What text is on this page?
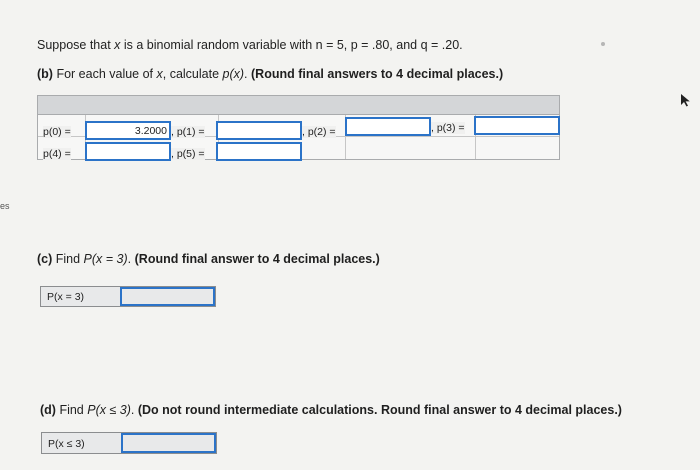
Suppose that x is a binomial random variable with n = 5, p = .80, and q = .20.
(b) For each value of x, calculate p(x). (Round final answers to 4 decimal places.)
p(0) =	3.2000 , p(1) =	, p(2) =	, p(3) =
p(4) =	, p(5) =
es
(c) Find P(x = 3). (Round final answer to 4 decimal places.)
P(x = 3)
(d) Find P(x ≤ 3). (Do not round intermediate calculations. Round final answer to 4 decimal places.)
P(x ≤ 3)
